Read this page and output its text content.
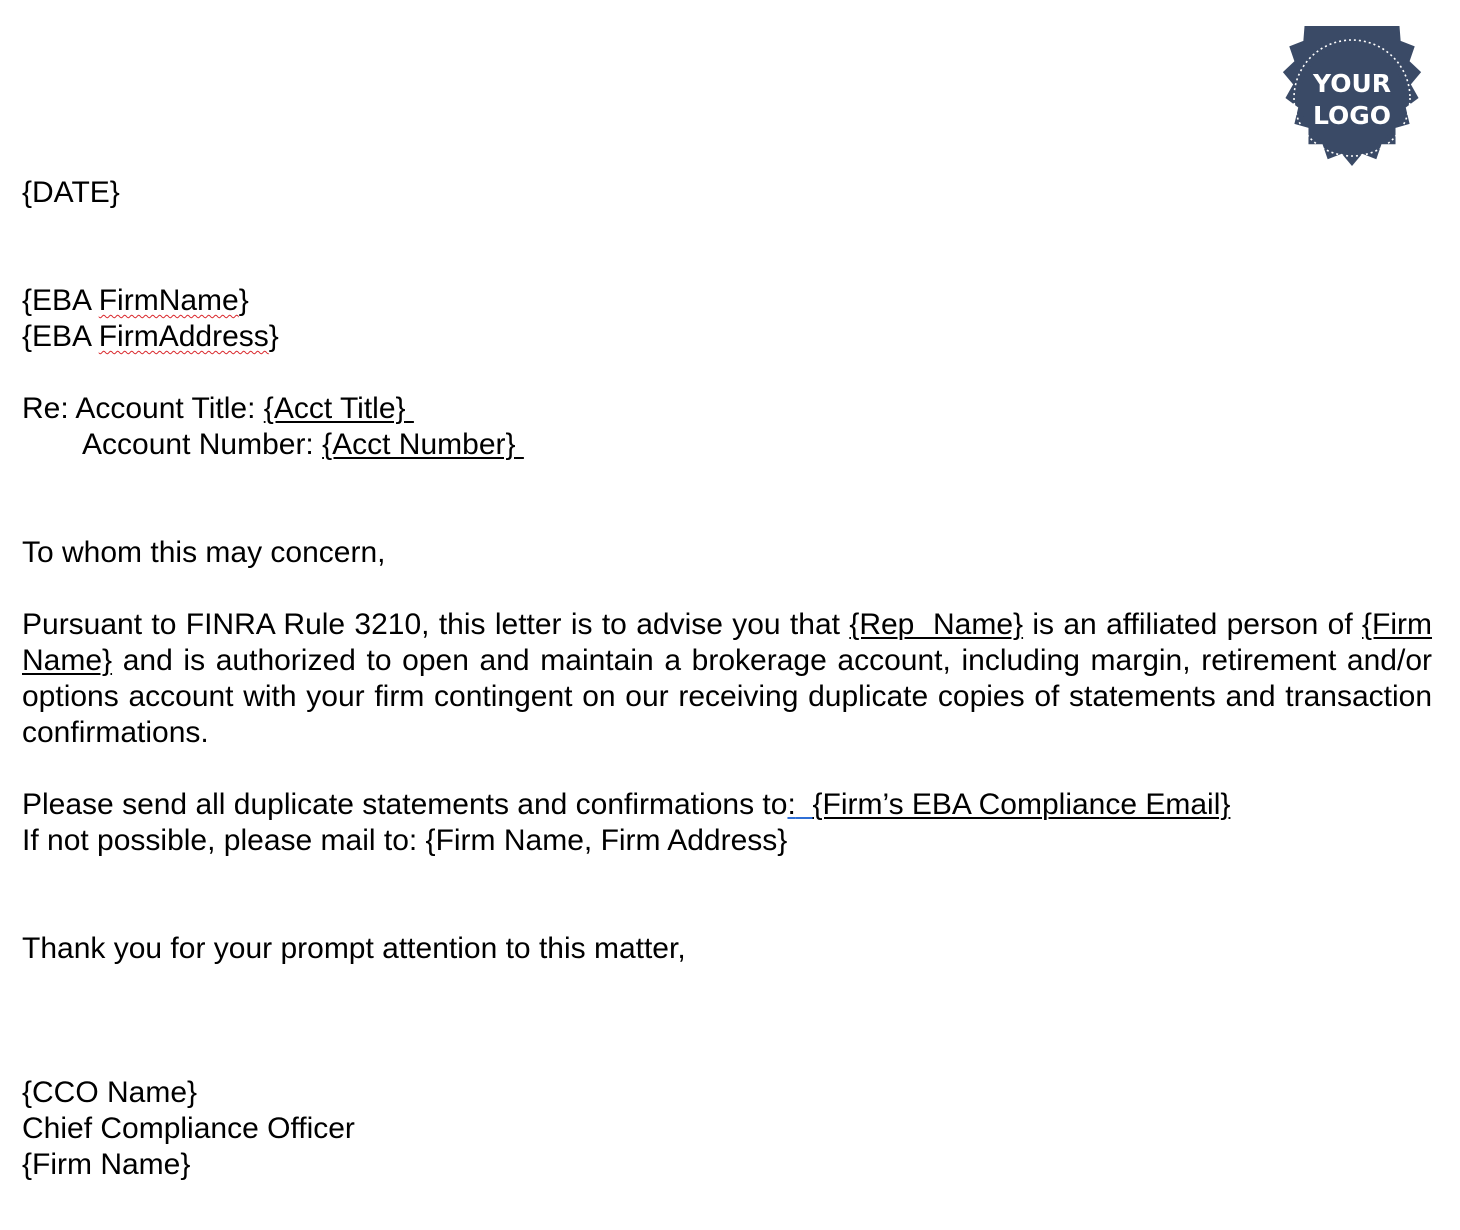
YOUR
LOGO
{DATE}
{EBA FirmName}
{EBA FirmAddress}
Re: Account Title: {Acct Title}
Account Number: {Acct Number}
To whom this may concern,
Pursuant to FINRA Rule 3210, this letter is to advise you that {Rep  Name} is an affiliated person of {Firm Name} and is authorized to open and maintain a brokerage account, including margin, retirement and/or options account with your firm contingent on our receiving duplicate copies of statements and transaction confirmations.
Please send all duplicate statements and confirmations to: {Firm’s EBA Compliance Email}
If not possible, please mail to: {Firm Name, Firm Address}
Thank you for your prompt attention to this matter,
{CCO Name}
Chief Compliance Officer
{Firm Name}
